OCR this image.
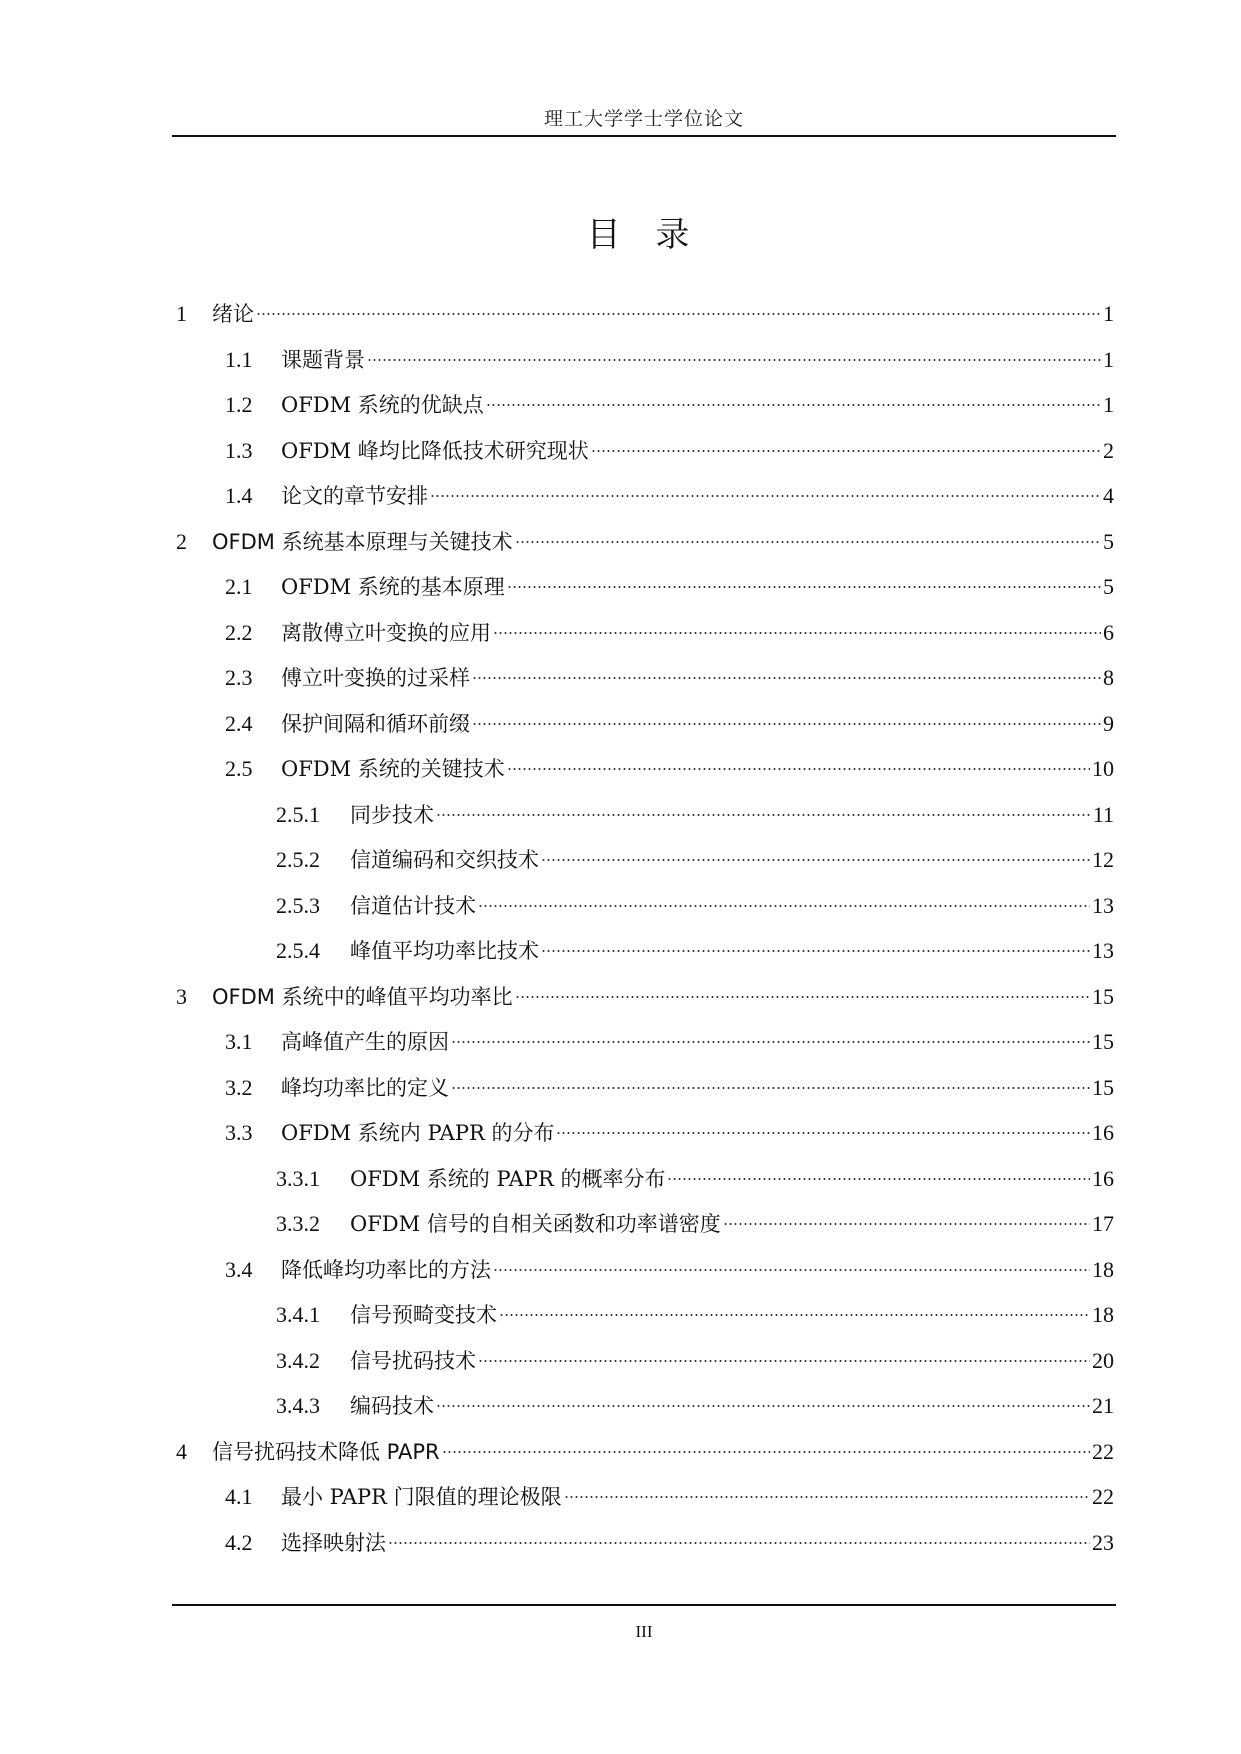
理工大学学士学位论文
目 录
1	绪论	1
1.1	课题背景	1
1.2	OFDM 系统的优缺点	1
1.3	OFDM 峰均比降低技术研究现状	2
1.4	论文的章节安排	4
2	OFDM 系统基本原理与关键技术	5
2.1	OFDM 系统的基本原理	5
2.2	离散傅立叶变换的应用	6
2.3	傅立叶变换的过采样	8
2.4	保护间隔和循环前缀	9
2.5	OFDM 系统的关键技术	10
2.5.1	同步技术	11
2.5.2	信道编码和交织技术	12
2.5.3	信道估计技术	13
2.5.4	峰值平均功率比技术	13
3	OFDM 系统中的峰值平均功率比	15
3.1	高峰值产生的原因	15
3.2	峰均功率比的定义	15
3.3	OFDM 系统内 PAPR 的分布	16
3.3.1	OFDM 系统的 PAPR 的概率分布	16
3.3.2	OFDM 信号的自相关函数和功率谱密度	17
3.4	降低峰均功率比的方法	18
3.4.1	信号预畸变技术	18
3.4.2	信号扰码技术	20
3.4.3	编码技术	21
4	信号扰码技术降低 PAPR	22
4.1	最小 PAPR 门限值的理论极限	22
4.2	选择映射法	23
III
